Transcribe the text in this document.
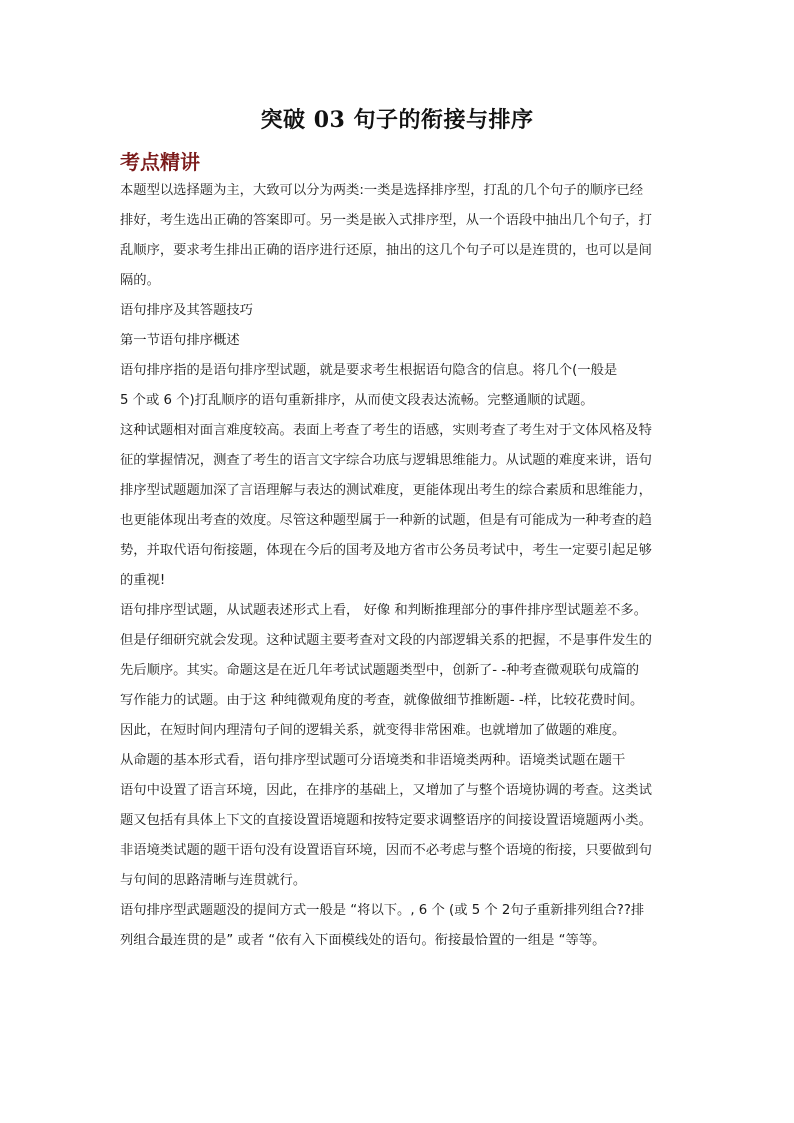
突破 03 句子的衔接与排序
考点精讲
本题型以选择题为主，大致可以分为两类:一类是选择排序型，打乱的几个句子的顺序已经
排好，考生选出正确的答案即可。另一类是嵌入式排序型，从一个语段中抽出几个句子，打
乱顺序，要求考生排出正确的语序进行还原，抽出的这几个句子可以是连贯的，也可以是间
隔的。
语句排序及其答题技巧
第一节语句排序概述
语句排序指的是语句排序型试题，就是要求考生根据语句隐含的信息。将几个(一般是
5 个或 6 个)打乱顺序的语句重新排序，从而使文段表达流畅。完整通顺的试题。
这种试题相对面言难度较高。表面上考查了考生的语感，实则考查了考生对于文体风格及特
征的掌握情况，测查了考生的语言文字综合功底与逻辑思维能力。从试题的难度来讲，语句
排序型试题题加深了言语理解与表达的测试难度，更能体现出考生的综合素质和思维能力，
也更能体现出考查的效度。尽管这种题型属于一种新的试题，但是有可能成为一种考查的趋
势，并取代语句衔接题，体现在今后的国考及地方省市公务员考试中，考生一定要引起足够
的重视!
语句排序型试题，从试题表述形式上看， 好像 和判断推理部分的事件排序型试题差不多。
但是仔细研究就会发现。这种试题主要考查对文段的内部逻辑关系的把握，不是事件发生的
先后顺序。其实。命题这是在近几年考试试题题类型中，创新了- -种考查微观联句成篇的
写作能力的试题。由于这 种纯微观角度的考查，就像做细节推断题- -样，比较花费时间。
因此，在短时间内理清句子间的逻辑关系，就变得非常困难。也就增加了做题的难度。
从命题的基本形式看，语句排序型试题可分语境类和非语境类两种。语境类试题在题干
语句中设置了语言环境，因此，在排序的基础上，又增加了与整个语境协调的考查。这类试
题又包括有具体上下文的直接设置语境题和按特定要求调整语序的间接设置语境题两小类。
非语境类试题的题干语句没有设置语盲环境，因而不必考虑与整个语境的衔接，只要做到句
与句间的思路清晰与连贯就行。
语句排序型武题题没的提间方式一般是 “将以下。, 6 个 (或 5 个 2句子重新排列组合??排
列组合最连贯的是” 或者 “依有入下面模线处的语句。衔接最恰置的一组是 “等等。
